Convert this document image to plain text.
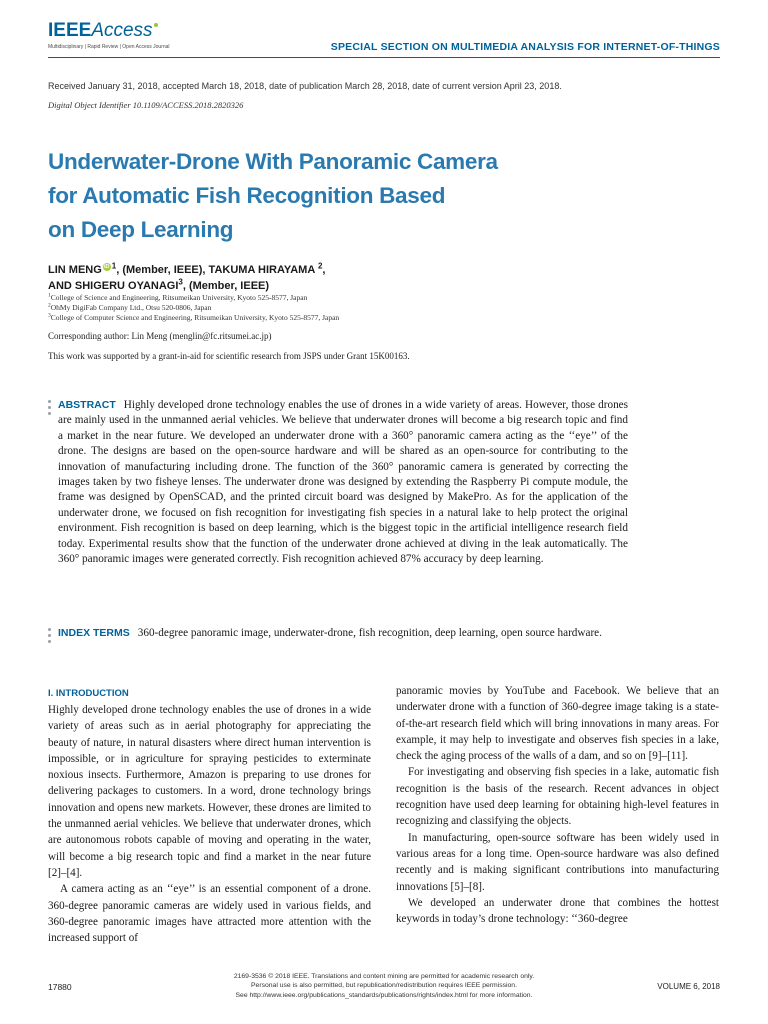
IEEEAccess
Multidisciplinary | Rapid Review | Open Access Journal	SPECIAL SECTION ON MULTIMEDIA ANALYSIS FOR INTERNET-OF-THINGS
Received January 31, 2018, accepted March 18, 2018, date of publication March 28, 2018, date of current version April 23, 2018.
Digital Object Identifier 10.1109/ACCESS.2018.2820326
Underwater-Drone With Panoramic Camera
for Automatic Fish Recognition Based
on Deep Learning
LIN MENG iD $^1$, (Member, IEEE), TAKUMA HIRAYAMA $^2$,
AND SHIGERU OYANAGI$^3$, (Member, IEEE)
$^1$College of Science and Engineering, Ritsumeikan University, Kyoto 525-8577, Japan
$^2$OhMy DigiFab Company Ltd., Otsu 520-0806, Japan
$^3$College of Computer Science and Engineering, Ritsumeikan University, Kyoto 525-8577, Japan
Corresponding author: Lin Meng (menglin@fc.ritsumei.ac.jp)
This work was supported by a grant-in-aid for scientific research from JSPS under Grant 15K00163.
ABSTRACT Highly developed drone technology enables the use of drones in a wide variety of areas. However, those drones are mainly used in the unmanned aerial vehicles. We believe that underwater drones will become a big research topic and find a market in the near future. We developed an underwater drone with a 360° panoramic camera acting as the ‘‘eye’’ of the drone. The designs are based on the open-source hardware and will be shared as an open-source for contributing to the innovation of manufacturing including drone. The function of the 360° panoramic camera is generated by correcting the images taken by two fisheye lenses. The underwater drone was designed by extending the Raspberry Pi compute module, the frame was designed by OpenSCAD, and the printed circuit board was designed by MakePro. As for the application of the underwater drone, we focused on fish recognition for investigating fish species in a natural lake to help protect the original environment. Fish recognition is based on deep learning, which is the biggest topic in the artificial intelligence research field today. Experimental results show that the function of the underwater drone achieved at diving in the leak automatically. The 360° panoramic images were generated correctly. Fish recognition achieved 87% accuracy by deep learning.
INDEX TERMS 360-degree panoramic image, underwater-drone, fish recognition, deep learning, open source hardware.
I. INTRODUCTION

Highly developed drone technology enables the use of drones in a wide variety of areas such as in aerial photography for appreciating the beauty of nature, in natural disasters where direct human intervention is impossible, or in agriculture for spraying pesticides to exterminate noxious insects. Furthermore, Amazon is preparing to use drones for delivering packages to customers. In a word, drone technology brings innovation and opens new markets. However, these drones are limited to the unmanned aerial vehicles. We believe that underwater drones, which are autonomous robots capable of moving and operating in the water, will become a big research topic and find a market in the near future [2]–[4].

A camera acting as an ‘‘eye’’ is an essential component of a drone. 360-degree panoramic cameras are widely used in various fields, and 360-degree panoramic images have attracted more attention with the increased support of

panoramic movies by YouTube and Facebook. We believe that an underwater drone with a function of 360-degree image taking is a state-of-the-art research field which will bring innovations in many areas. For example, it may help to investigate and observes fish species in a lake, check the aging process of the walls of a dam, and so on [9]–[11].

For investigating and observing fish species in a lake, automatic fish recognition is the basis of the research. Recent advances in object recognition have used deep learning for obtaining high-level features in recognizing and classifying the objects.

In manufacturing, open-source software has been widely used in various areas for a long time. Open-source hardware was also defined recently and is making significant contributions into manufacturing innovations [5]–[8].

We developed an underwater drone that combines the hottest keywords in today’s drone technology: ‘‘360-degree

17880
2169-3536 © 2018 IEEE. Translations and content mining are permitted for academic research only.
Personal use is also permitted, but republication/redistribution requires IEEE permission.
See http://www.ieee.org/publications_standards/publications/rights/index.html for more information.
VOLUME 6, 2018
